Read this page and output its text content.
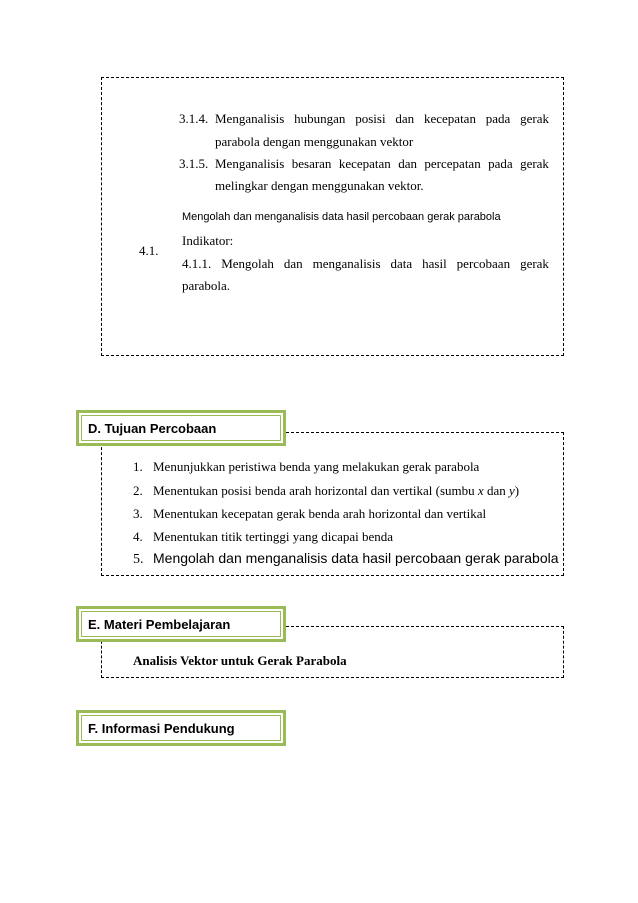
3.1.4. Menganalisis hubungan posisi dan kecepatan pada gerak
parabola dengan menggunakan vektor
3.1.5. Menganalisis besaran kecepatan dan percepatan pada gerak
melingkar dengan menggunakan vektor.
Mengolah dan menganalisis data hasil percobaan gerak parabola
4.1.
Indikator:
4.1.1. Mengolah dan menganalisis data hasil percobaan gerak
parabola.
D. Tujuan Percobaan
1. Menunjukkan peristiwa benda yang melakukan gerak parabola
2. Menentukan posisi benda arah horizontal dan vertikal (sumbu x dan y)
3. Menentukan kecepatan gerak benda arah horizontal dan vertikal
4. Menentukan titik tertinggi yang dicapai benda
5. Mengolah dan menganalisis data hasil percobaan gerak parabola
E. Materi Pembelajaran
Analisis Vektor untuk Gerak Parabola
F. Informasi Pendukung
